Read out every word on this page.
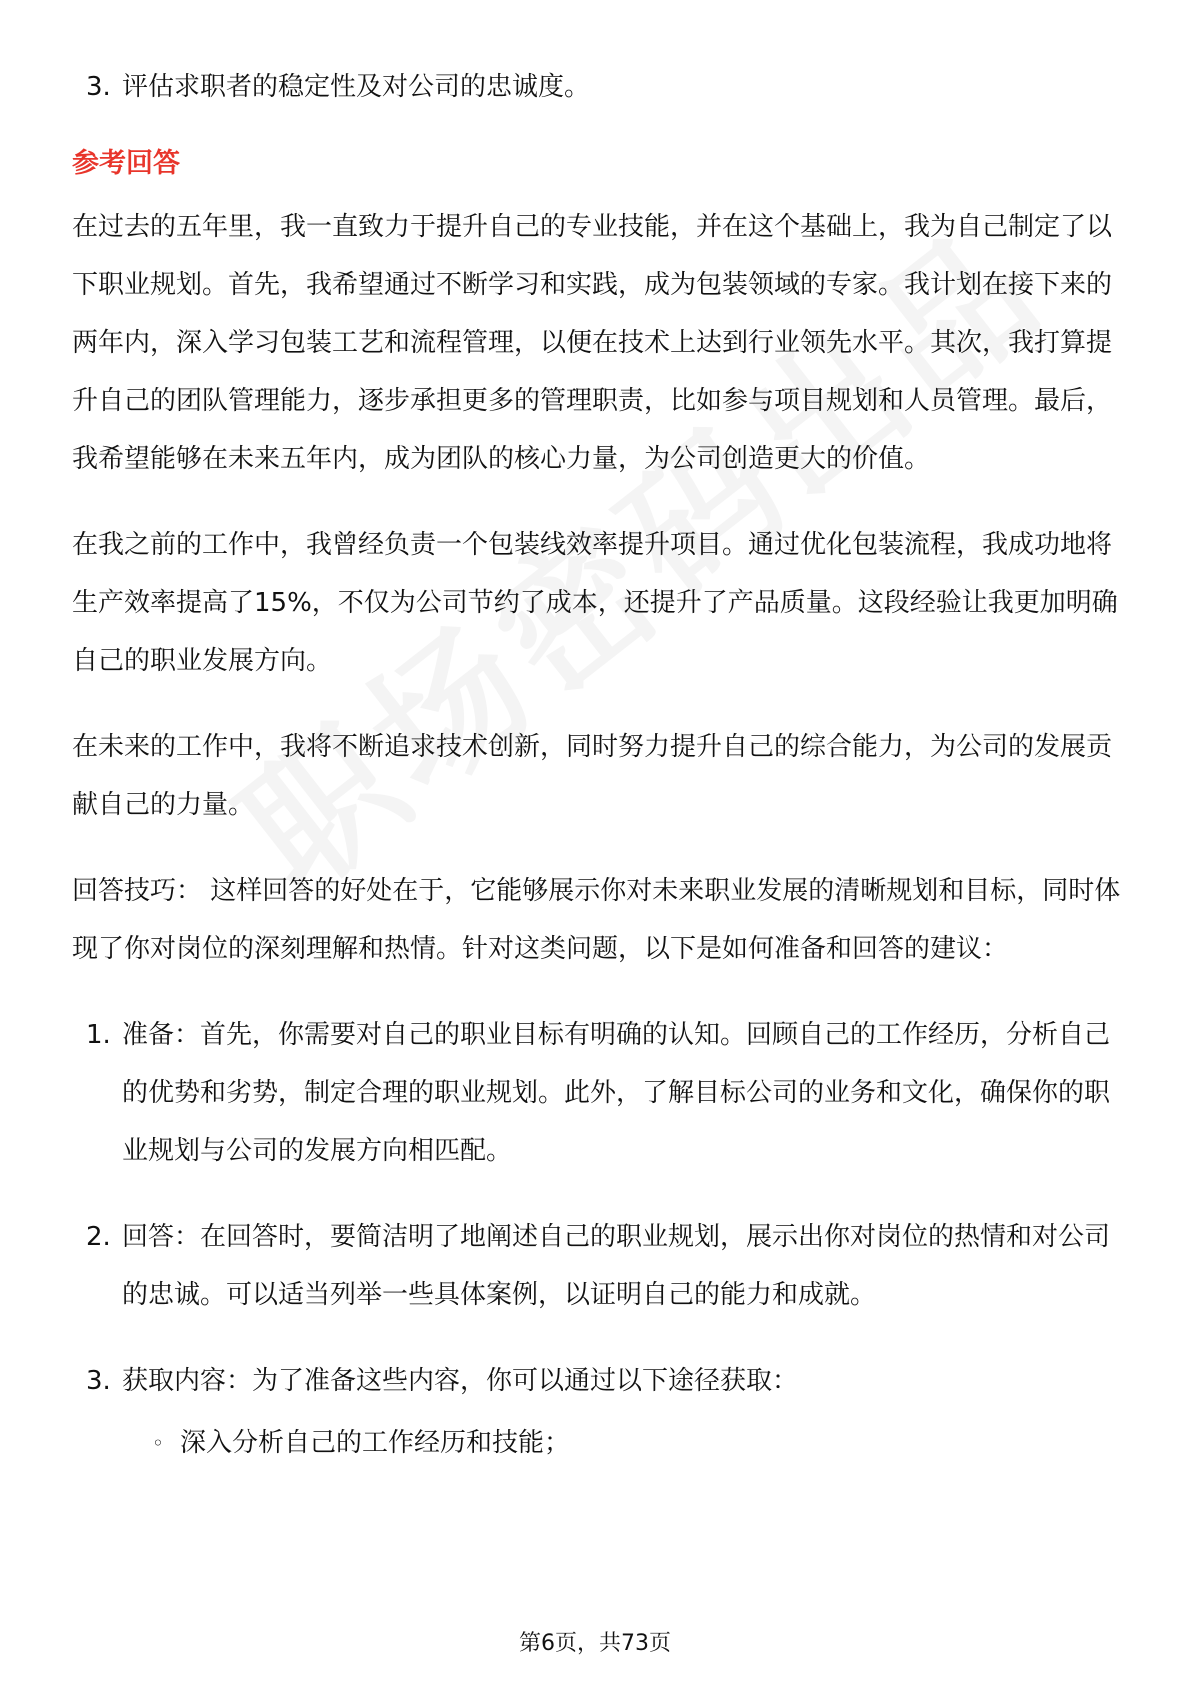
3. 评估求职者的稳定性及对公司的忠诚度。

参考回答

在过去的五年里，我一直致力于提升自己的专业技能，并在这个基础上，我为自己制定了以下职业规划。首先，我希望通过不断学习和实践，成为包装领域的专家。我计划在接下来的两年内，深入学习包装工艺和流程管理，以便在技术上达到行业领先水平。其次，我打算提升自己的团队管理能力，逐步承担更多的管理职责，比如参与项目规划和人员管理。最后，我希望能够在未来五年内，成为团队的核心力量，为公司创造更大的价值。

在我之前的工作中，我曾经负责一个包装线效率提升项目。通过优化包装流程，我成功地将生产效率提高了15%，不仅为公司节约了成本，还提升了产品质量。这段经验让我更加明确自己的职业发展方向。

在未来的工作中，我将不断追求技术创新，同时努力提升自己的综合能力，为公司的发展贡献自己的力量。

回答技巧： 这样回答的好处在于，它能够展示你对未来职业发展的清晰规划和目标，同时体现了你对岗位的深刻理解和热情。针对这类问题，以下是如何准备和回答的建议：

1. 准备：首先，你需要对自己的职业目标有明确的认知。回顾自己的工作经历，分析自己的优势和劣势，制定合理的职业规划。此外，了解目标公司的业务和文化，确保你的职业规划与公司的发展方向相匹配。
2. 回答：在回答时，要简洁明了地阐述自己的职业规划，展示出你对岗位的热情和对公司的忠诚。可以适当列举一些具体案例，以证明自己的能力和成就。
3. 获取内容：为了准备这些内容，你可以通过以下途径获取：
◦ 深入分析自己的工作经历和技能；
第6页，共73页
